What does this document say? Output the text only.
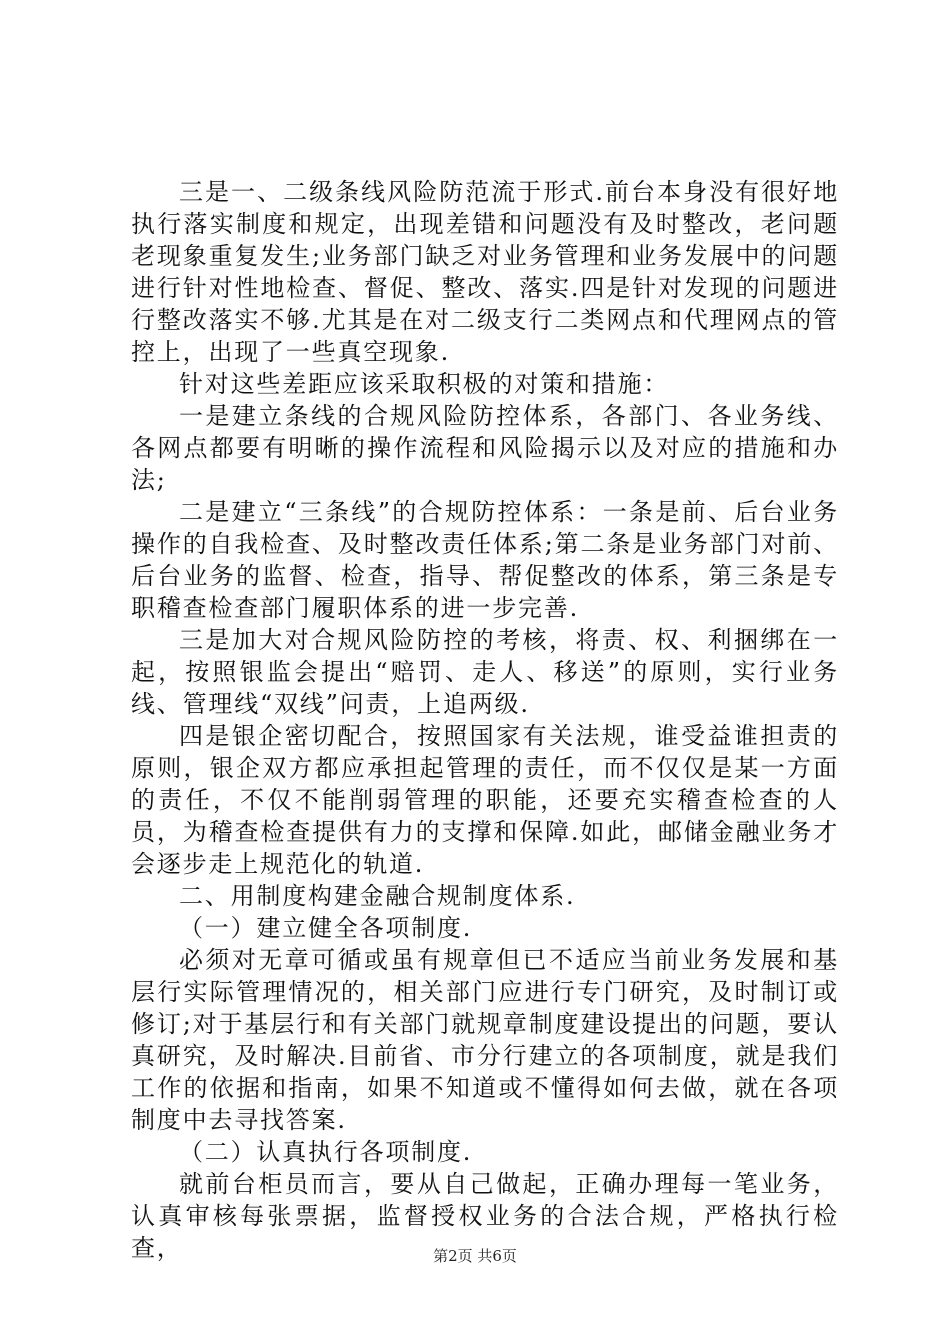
三是一、二级条线风险防范流于形式.前台本身没有很好地执行落实制度和规定，出现差错和问题没有及时整改，老问题老现象重复发生;业务部门缺乏对业务管理和业务发展中的问题进行针对性地检查、督促、整改、落实.四是针对发现的问题进行整改落实不够.尤其是在对二级支行二类网点和代理网点的管控上，出现了一些真空现象.

针对这些差距应该采取积极的对策和措施：

一是建立条线的合规风险防控体系，各部门、各业务线、各网点都要有明晰的操作流程和风险揭示以及对应的措施和办法;

二是建立“三条线”的合规防控体系：一条是前、后台业务操作的自我检查、及时整改责任体系;第二条是业务部门对前、后台业务的监督、检查，指导、帮促整改的体系，第三条是专职稽查检查部门履职体系的进一步完善.

三是加大对合规风险防控的考核，将责、权、利捆绑在一起，按照银监会提出“赔罚、走人、移送”的原则，实行业务线、管理线“双线”问责，上追两级.

四是银企密切配合，按照国家有关法规，谁受益谁担责的原则，银企双方都应承担起管理的责任，而不仅仅是某一方面的责任，不仅不能削弱管理的职能，还要充实稽查检查的人员，为稽查检查提供有力的支撑和保障.如此，邮储金融业务才会逐步走上规范化的轨道.

二、用制度构建金融合规制度体系.

（一）建立健全各项制度.

必须对无章可循或虽有规章但已不适应当前业务发展和基层行实际管理情况的，相关部门应进行专门研究，及时制订或修订;对于基层行和有关部门就规章制度建设提出的问题，要认真研究，及时解决.目前省、市分行建立的各项制度，就是我们工作的依据和指南，如果不知道或不懂得如何去做，就在各项制度中去寻找答案.

（二）认真执行各项制度.

就前台柜员而言，要从自己做起，正确办理每一笔业务，认真审核每张票据，监督授权业务的合法合规，严格执行检查，	第2页 共6页
